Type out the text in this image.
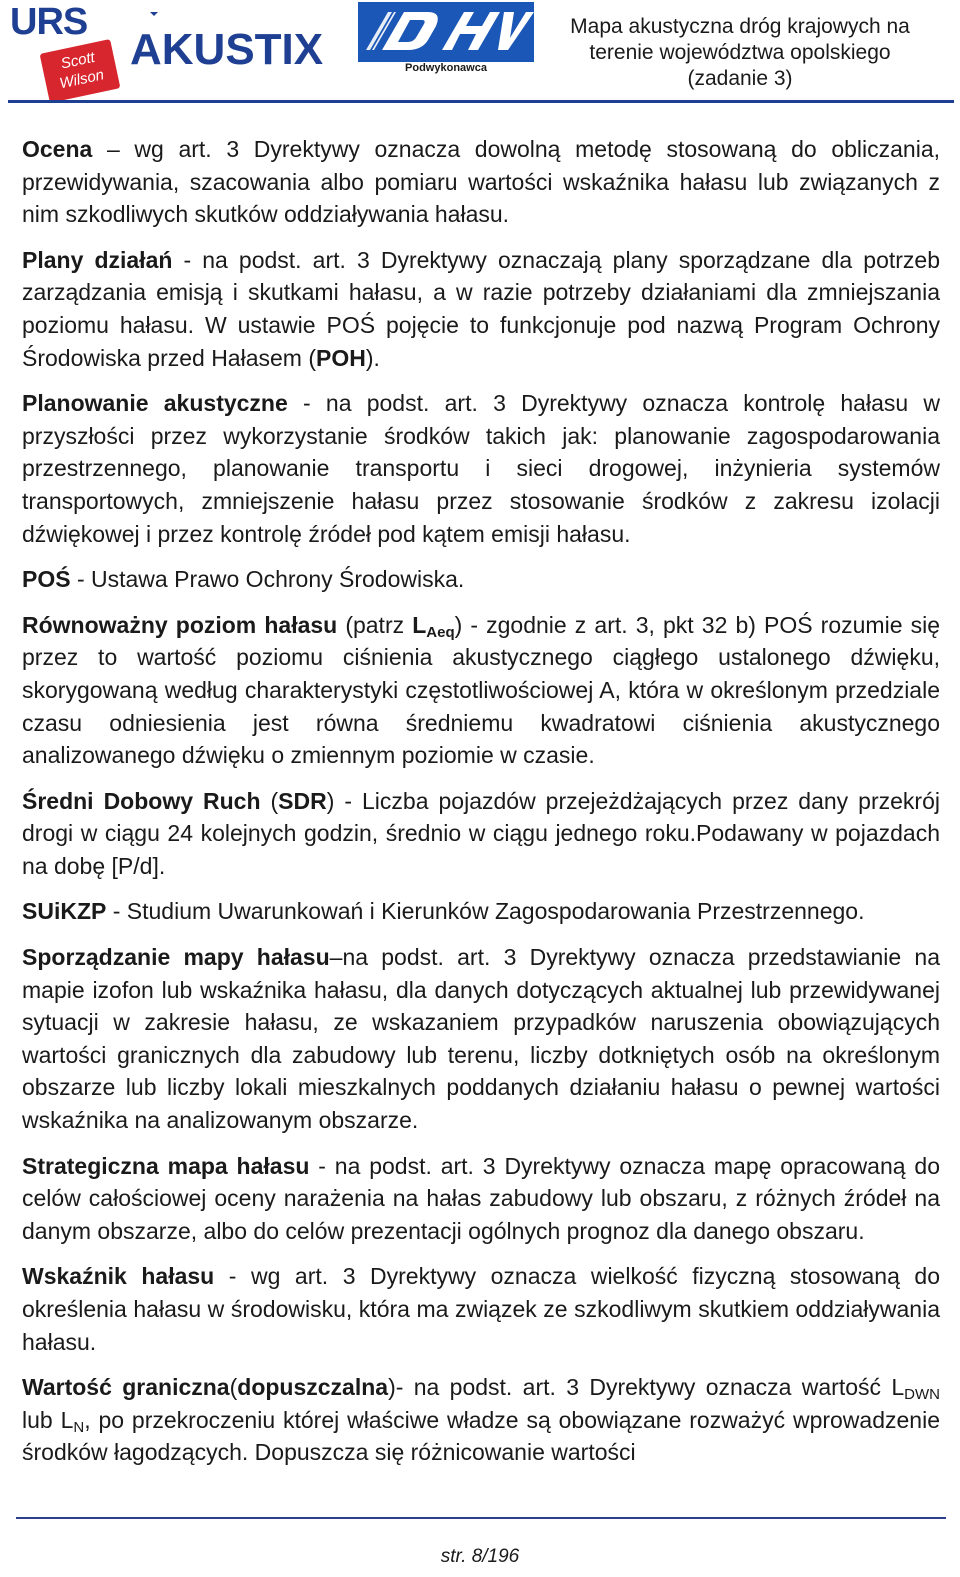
URS
Scott
Wilson
AKUSTIX	Podwykonawca
Mapa akustyczna dróg krajowych na
terenie województwa opolskiego
(zadanie 3)

Ocena – wg art. 3 Dyrektywy oznacza dowolną metodę stosowaną do obliczania, przewidywania, szacowania albo pomiaru wartości wskaźnika hałasu lub związanych z nim szkodliwych skutków oddziaływania hałasu.

Plany działań - na podst. art. 3 Dyrektywy oznaczają plany sporządzane dla potrzeb zarządzania emisją i skutkami hałasu, a w razie potrzeby działaniami dla zmniejszania poziomu hałasu. W ustawie POŚ pojęcie to funkcjonuje pod nazwą Program Ochrony Środowiska przed Hałasem (POH).

Planowanie akustyczne - na podst. art. 3 Dyrektywy oznacza kontrolę hałasu w przyszłości przez wykorzystanie środków takich jak: planowanie zagospodarowania przestrzennego, planowanie transportu i sieci drogowej, inżynieria systemów transportowych, zmniejszenie hałasu przez stosowanie środków z zakresu izolacji dźwiękowej i przez kontrolę źródeł pod kątem emisji hałasu.

POŚ - Ustawa Prawo Ochrony Środowiska.

Równoważny poziom hałasu (patrz $L_{Aeq}$) - zgodnie z art. 3, pkt 32 b) POŚ rozumie się przez to wartość poziomu ciśnienia akustycznego ciągłego ustalonego dźwięku, skorygowaną według charakterystyki częstotliwościowej A, która w określonym przedziale czasu odniesienia jest równa średniemu kwadratowi ciśnienia akustycznego analizowanego dźwięku o zmiennym poziomie w czasie.

Średni Dobowy Ruch (SDR) - Liczba pojazdów przejeżdżających przez dany przekrój drogi w ciągu 24 kolejnych godzin, średnio w ciągu jednego roku.Podawany w pojazdach na dobę [P/d].

SUiKZP - Studium Uwarunkowań i Kierunków Zagospodarowania Przestrzennego.

Sporządzanie mapy hałasu–na podst. art. 3 Dyrektywy oznacza przedstawianie na mapie izofon lub wskaźnika hałasu, dla danych dotyczących aktualnej lub przewidywanej sytuacji w zakresie hałasu, ze wskazaniem przypadków naruszenia obowiązujących wartości granicznych dla zabudowy lub terenu, liczby dotkniętych osób na określonym obszarze lub liczby lokali mieszkalnych poddanych działaniu hałasu o pewnej wartości wskaźnika na analizowanym obszarze.

Strategiczna mapa hałasu - na podst. art. 3 Dyrektywy oznacza mapę opracowaną do celów całościowej oceny narażenia na hałas zabudowy lub obszaru, z różnych źródeł na danym obszarze, albo do celów prezentacji ogólnych prognoz dla danego obszaru.

Wskaźnik hałasu - wg art. 3 Dyrektywy oznacza wielkość fizyczną stosowaną do określenia hałasu w środowisku, która ma związek ze szkodliwym skutkiem oddziaływania hałasu.

Wartość graniczna(dopuszczalna)- na podst. art. 3 Dyrektywy oznacza wartość $L_{DWN}$ lub $L_N$, po przekroczeniu której właściwe władze są obowiązane rozważyć wprowadzenie środków łagodzących. Dopuszcza się różnicowanie wartości

str. 8/196
